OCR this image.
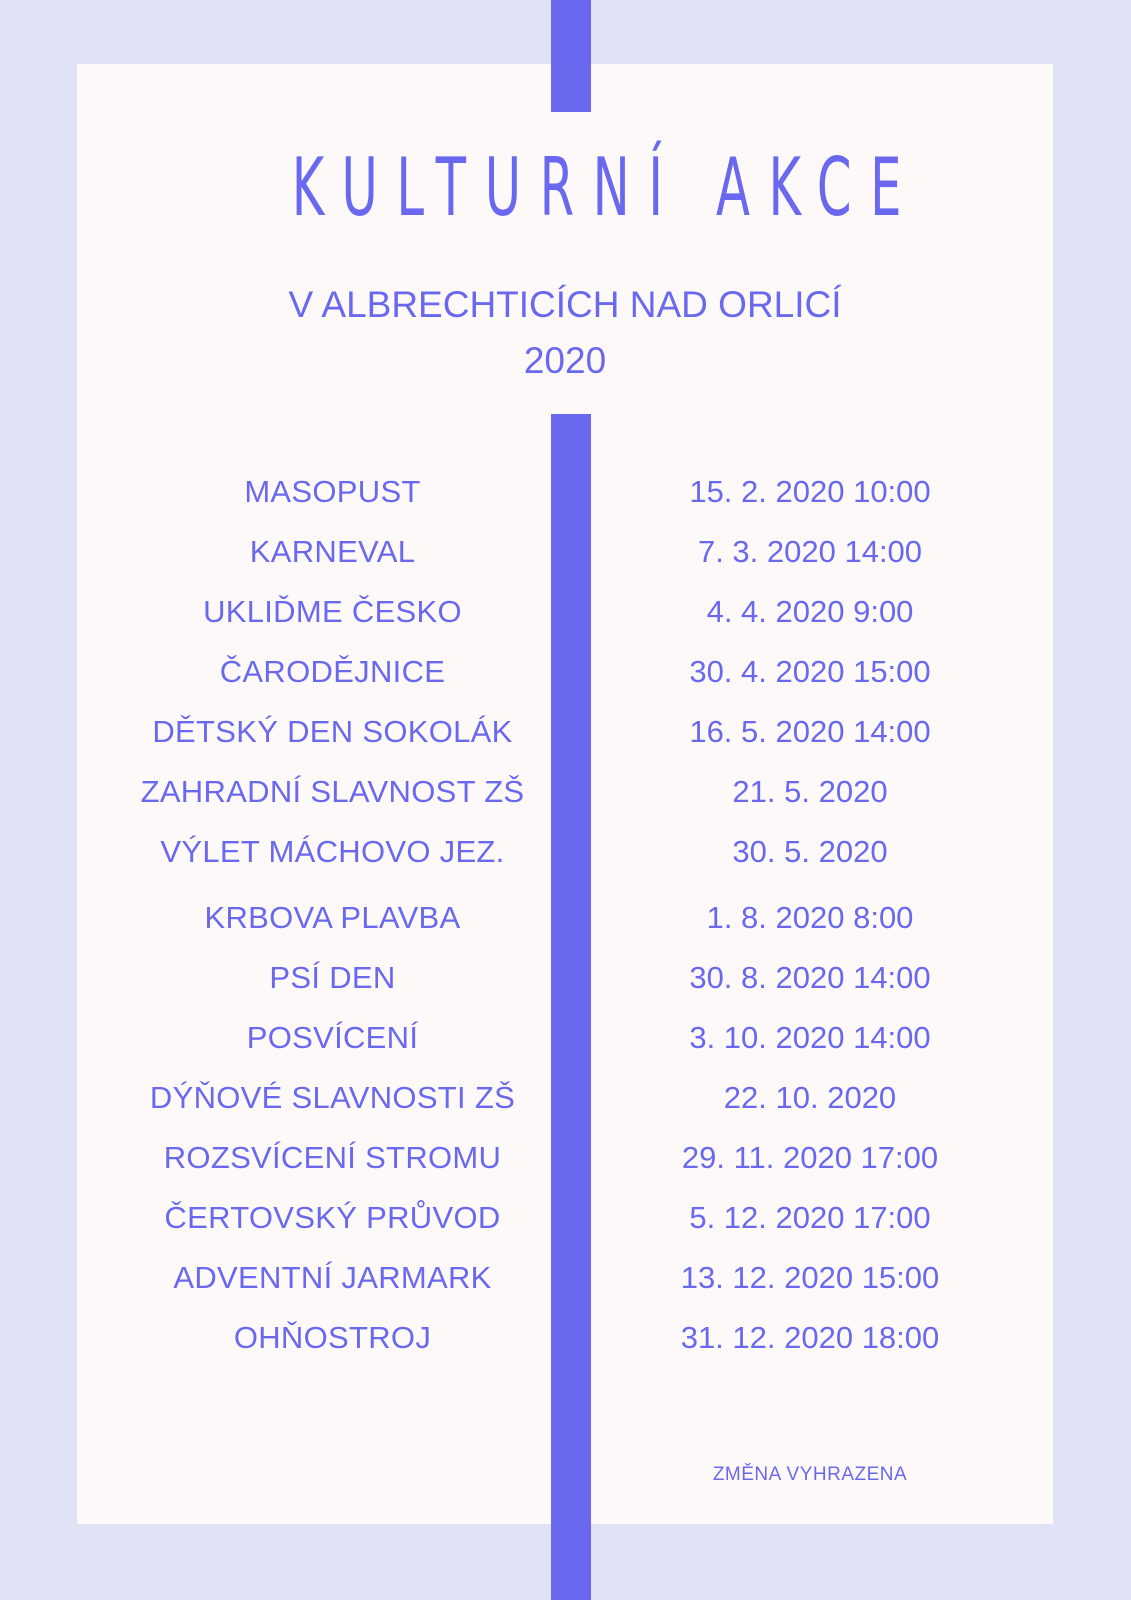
KULTURNÍ AKCE
V ALBRECHTICÍCH NAD ORLICÍ
2020
MASOPUST	15. 2. 2020 10:00
KARNEVAL	7. 3. 2020 14:00
UKLIĎME ČESKO	4. 4. 2020 9:00
ČARODĚJNICE	30. 4. 2020 15:00
DĚTSKÝ DEN SOKOLÁK	16. 5. 2020 14:00
ZAHRADNÍ SLAVNOST ZŠ	21. 5. 2020
VÝLET MÁCHOVO JEZ.	30. 5. 2020
KRBOVA PLAVBA	1. 8. 2020 8:00
PSÍ DEN	30. 8. 2020 14:00
POSVÍCENÍ	3. 10. 2020 14:00
DÝŇOVÉ SLAVNOSTI ZŠ	22. 10. 2020
ROZSVÍCENÍ STROMU	29. 11. 2020 17:00
ČERTOVSKÝ PRŮVOD	5. 12. 2020 17:00
ADVENTNÍ JARMARK	13. 12. 2020 15:00
OHŇOSTROJ	31. 12. 2020 18:00
ZMĚNA VYHRAZENA
